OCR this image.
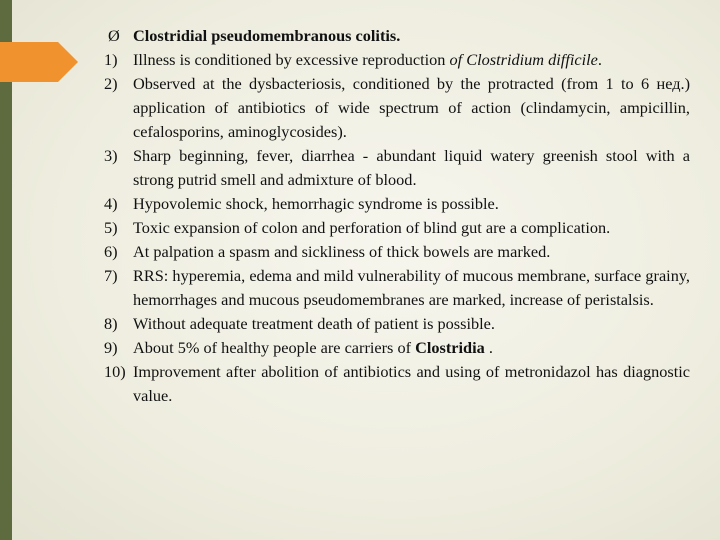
Ø Clostridial pseudomembranous colitis.
1) Illness is conditioned by excessive reproduction of Clostridium difficile.
2) Observed at the dysbacteriosis, conditioned by the protracted (from 1 to 6 нед.) application of antibiotics of wide spectrum of action (clindamycin, ampicillin, cefalosporins, aminoglycosides).
3) Sharp beginning, fever, diarrhea - abundant liquid watery greenish stool with a strong putrid smell and admixture of blood.
4) Hypovolemic shock, hemorrhagic syndrome is possible.
5) Toxic expansion of colon and perforation of blind gut are a complication.
6) At palpation a spasm and sickliness of thick bowels are marked.
7) RRS: hyperemia, edema and mild vulnerability of mucous membrane, surface grainy, hemorrhages and mucous pseudomembranes are marked, increase of peristalsis.
8) Without adequate treatment death of patient is possible.
9) About 5% of healthy people are carriers of Clostridia .
10) Improvement after abolition of antibiotics and using of metronidazol has diagnostic value.
